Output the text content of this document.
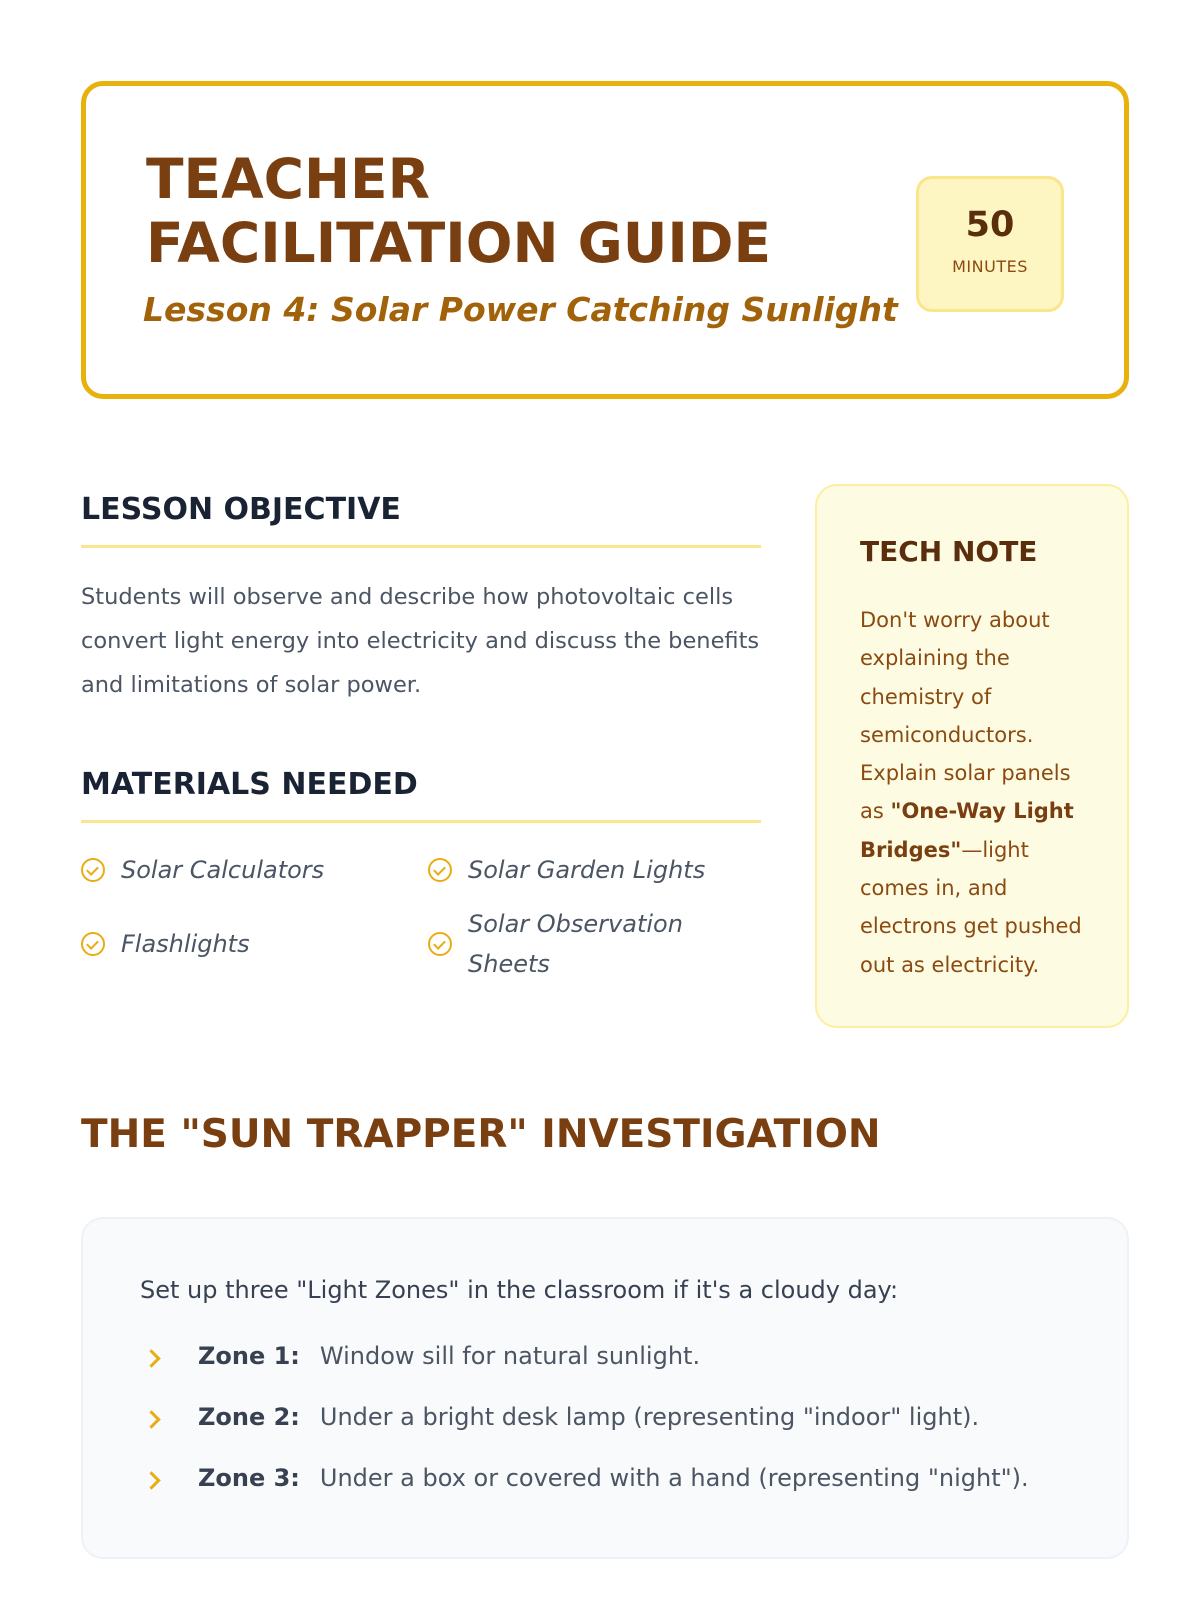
TEACHER
FACILITATION GUIDE
Lesson 4: Solar Power Catching Sunlight
50
MINUTES
LESSON OBJECTIVE
Students will observe and describe how photovoltaic cells convert light energy into electricity and discuss the benefits and limitations of solar power.
MATERIALS NEEDED
Solar Calculators	Solar Garden Lights
Flashlights
Solar Observation Sheets
TECH NOTE
Don't worry about explaining the chemistry of semiconductors. Explain solar panels as "One-Way Light Bridges"—light comes in, and electrons get pushed out as electricity.
THE "SUN TRAPPER" INVESTIGATION
Set up three "Light Zones" in the classroom if it's a cloudy day:
Zone 1: Window sill for natural sunlight.
Zone 2: Under a bright desk lamp (representing "indoor" light).
Zone 3: Under a box or covered with a hand (representing "night").
